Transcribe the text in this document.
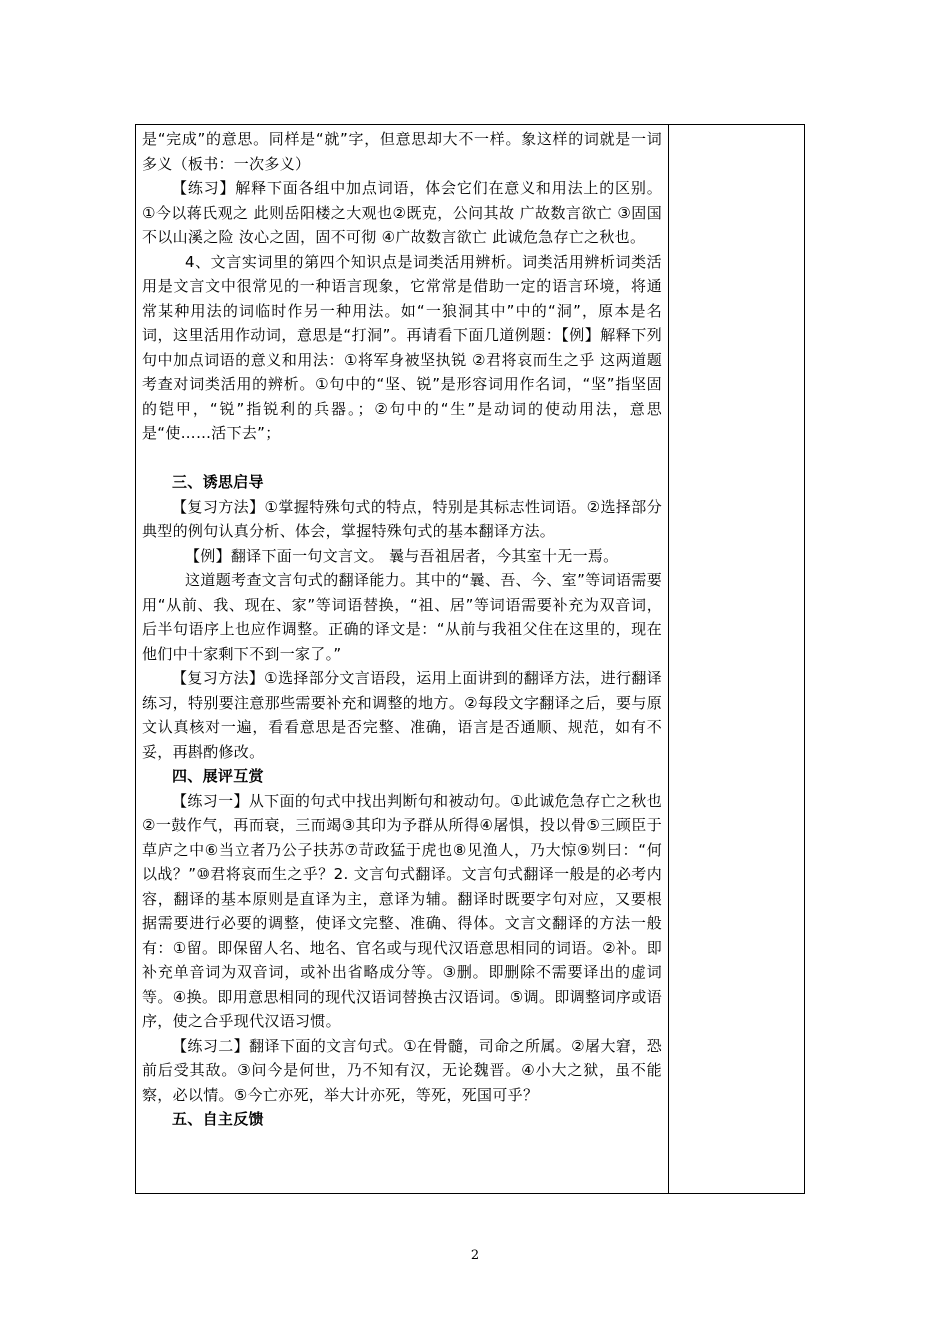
是“完成”的意思。同样是“就”字，但意思却大不一样。象这样的词就是一词多义（板书：一次多义）

【练习】解释下面各组中加点词语，体会它们在意义和用法上的区别。 ①今以蒋氏观之 此则岳阳楼之大观也②既克，公问其故 广故数言欲亡 ③固国不以山溪之险 汝心之固，固不可彻 ④广故数言欲亡 此诚危急存亡之秋也。

4、文言实词里的第四个知识点是词类活用辨析。词类活用辨析词类活用是文言文中很常见的一种语言现象，它常常是借助一定的语言环境，将通常某种用法的词临时作另一种用法。如“一狼洞其中”中的“洞”，原本是名词，这里活用作动词，意思是“打洞”。再请看下面几道例题：【例】解释下列句中加点词语的意义和用法：①将军身被坚执锐 ②君将哀而生之乎 这两道题考查对词类活用的辨析。①句中的“坚、锐”是形容词用作名词，“坚”指坚固的铠甲，“锐”指锐利的兵器。；②句中的“生”是动词的使动用法，意思是“使……活下去”；

三、诱思启导

【复习方法】①掌握特殊句式的特点，特别是其标志性词语。②选择部分典型的例句认真分析、体会，掌握特殊句式的基本翻译方法。

【例】翻译下面一句文言文。 曩与吾祖居者，今其室十无一焉。

这道题考查文言句式的翻译能力。其中的“曩、吾、今、室”等词语需要用“从前、我、现在、家”等词语替换，“祖、居”等词语需要补充为双音词，后半句语序上也应作调整。正确的译文是：“从前与我祖父住在这里的，现在他们中十家剩下不到一家了。”

【复习方法】①选择部分文言语段，运用上面讲到的翻译方法，进行翻译练习，特别要注意那些需要补充和调整的地方。②每段文字翻译之后，要与原文认真核对一遍，看看意思是否完整、准确，语言是否通顺、规范，如有不妥，再斟酌修改。

四、展评互赏

【练习一】从下面的句式中找出判断句和被动句。①此诚危急存亡之秋也②一鼓作气，再而衰，三而竭③其印为予群从所得④屠惧，投以骨⑤三顾臣于草庐之中⑥当立者乃公子扶苏⑦苛政猛于虎也⑧见渔人，乃大惊⑨刿曰：“何以战？”⑩君将哀而生之乎？2. 文言句式翻译。文言句式翻译一般是的必考内容，翻译的基本原则是直译为主，意译为辅。翻译时既要字句对应，又要根据需要进行必要的调整，使译文完整、准确、得体。文言文翻译的方法一般有：①留。即保留人名、地名、官名或与现代汉语意思相同的词语。②补。即补充单音词为双音词，或补出省略成分等。③删。即删除不需要译出的虚词等。④换。即用意思相同的现代汉语词替换古汉语词。⑤调。即调整词序或语序，使之合乎现代汉语习惯。

【练习二】翻译下面的文言句式。①在骨髓，司命之所属。②屠大窘，恐前后受其敌。③问今是何世，乃不知有汉，无论魏晋。④小大之狱，虽不能察，必以情。⑤今亡亦死，举大计亦死，等死，死国可乎？

五、自主反馈

2
